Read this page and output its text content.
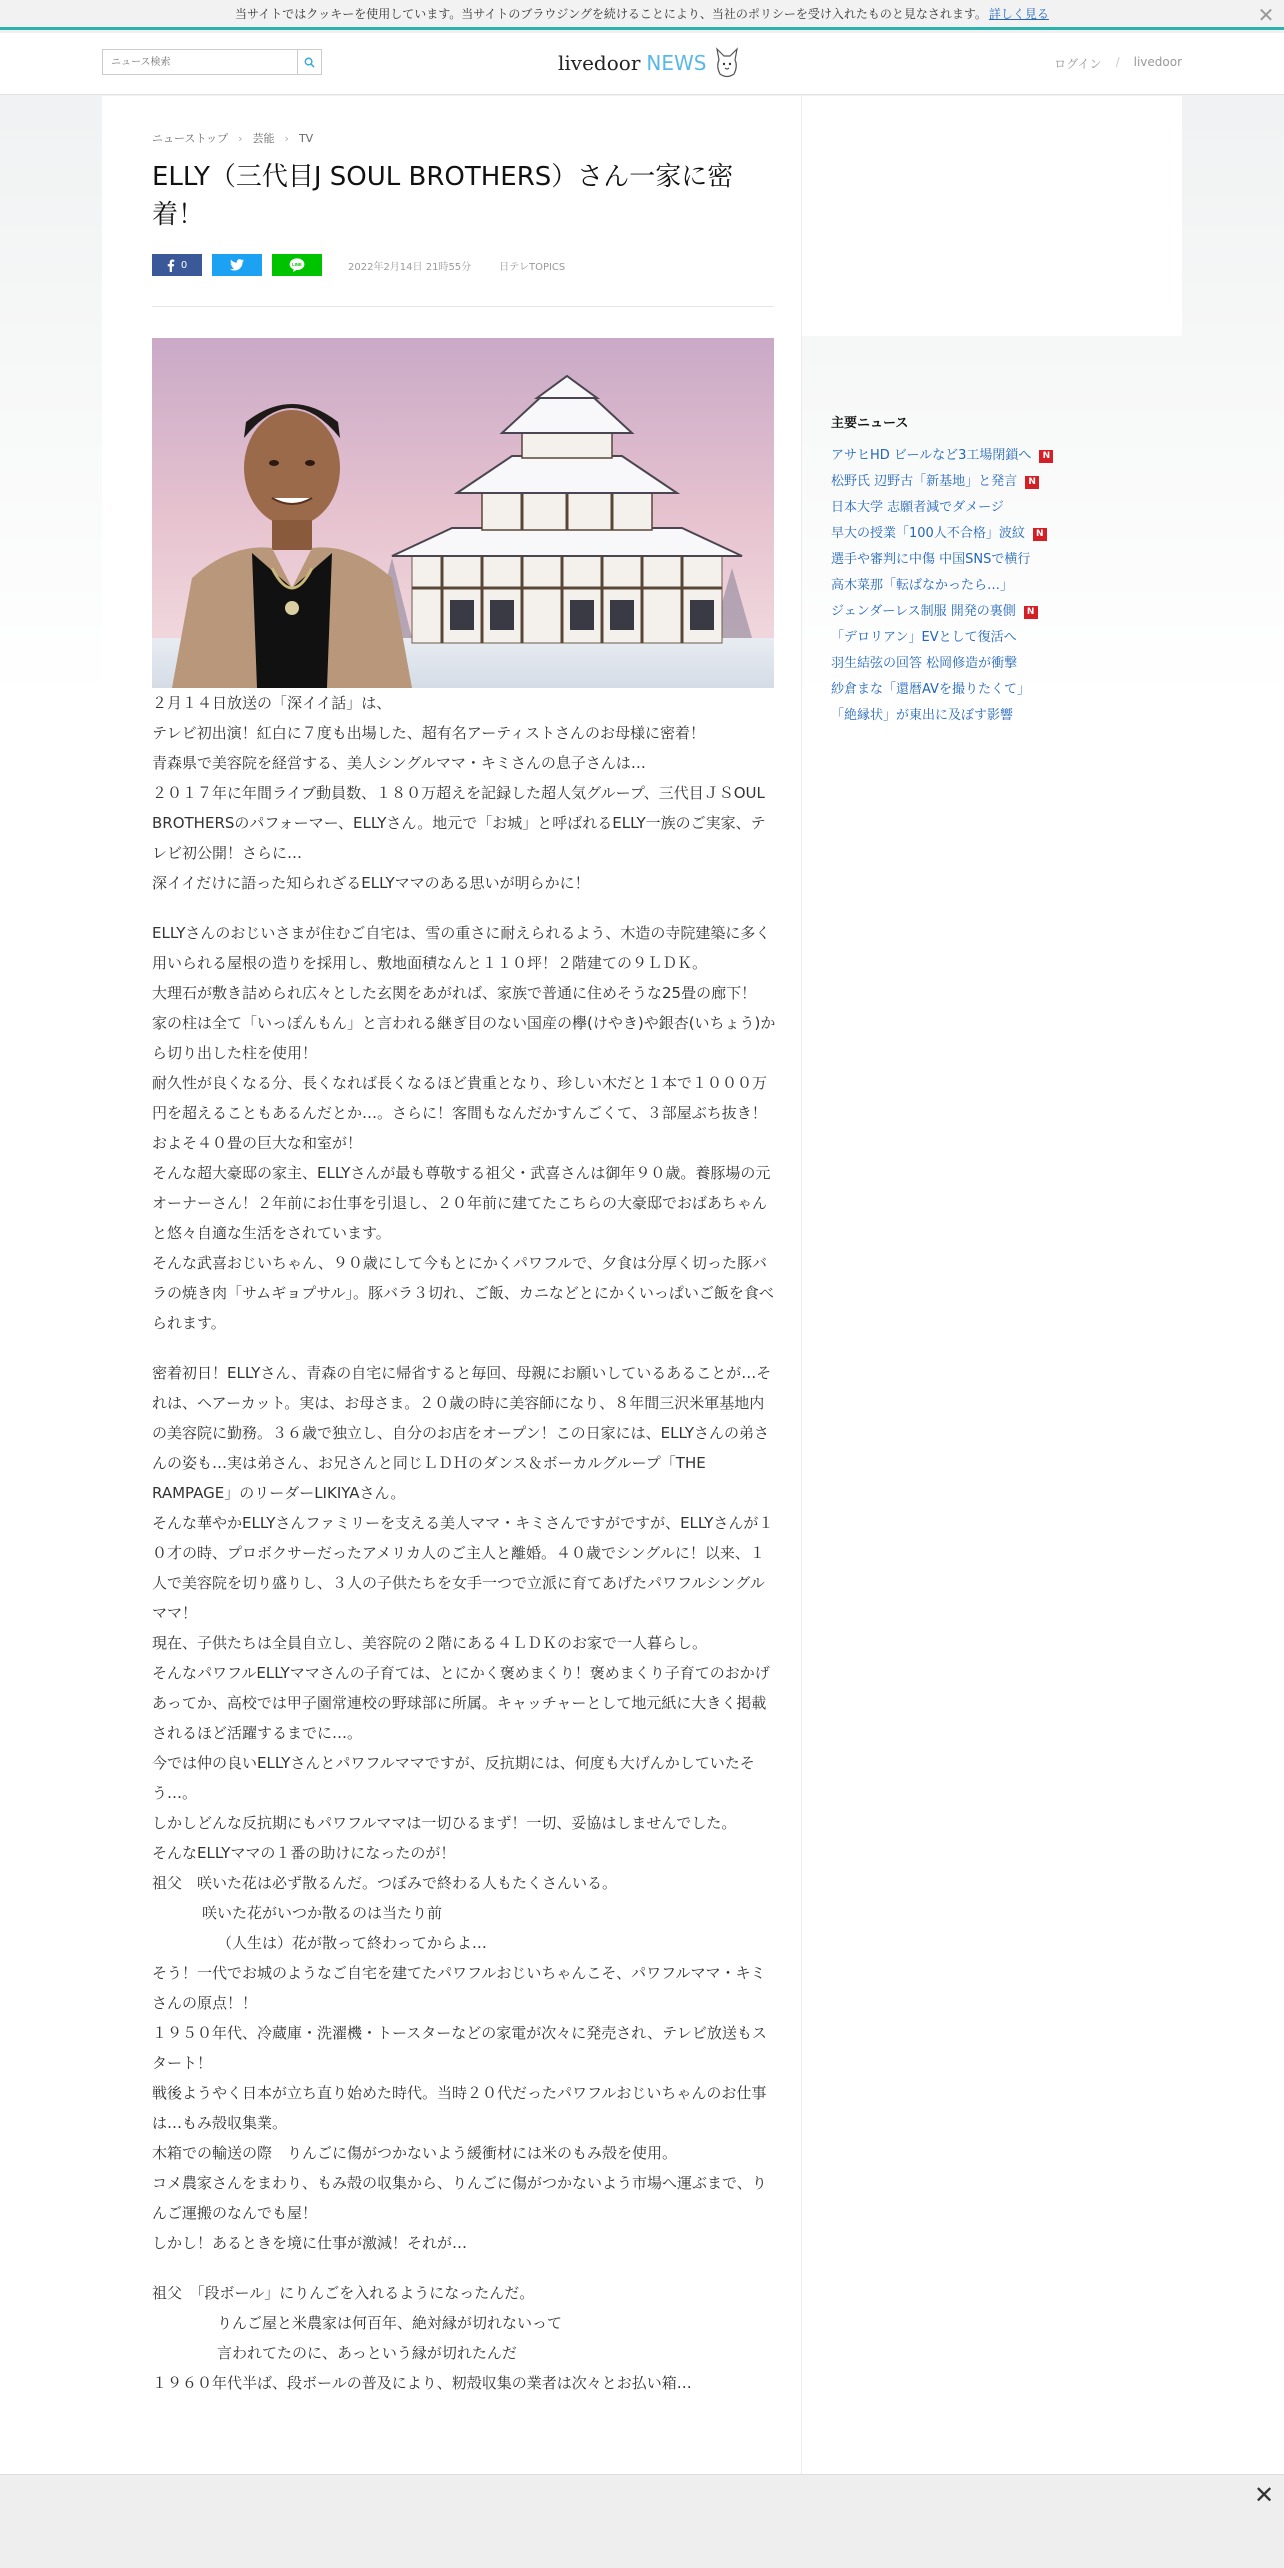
当サイトではクッキーを使用しています。当サイトのブラウジングを続けることにより、当社のポリシーを受け入れたものと見なされます。 詳しく見る	✕
ニュース検索
livedoor NEWS	ログイン / livedoor
ニューストップ › 芸能 › TV
ELLY（三代目J SOUL BROTHERS）さん一家に密着！
0	LINE	2022年2月14日 21時55分	日テレTOPICS

２月１４日放送の「深イイ話」は、

テレビ初出演！紅白に７度も出場した、超有名アーティストさんのお母様に密着！

青森県で美容院を経営する、美人シングルママ・キミさんの息子さんは…

２０１７年に年間ライブ動員数、１８０万超えを記録した超人気グループ、三代目ＪＳOUL BROTHERSのパフォーマー、ELLYさん。地元で「お城」と呼ばれるELLY一族のご実家、テレビ初公開！さらに…

深イイだけに語った知られざるELLYママのある思いが明らかに！

ELLYさんのおじいさまが住むご自宅は、雪の重さに耐えられるよう、木造の寺院建築に多く用いられる屋根の造りを採用し、敷地面積なんと１１０坪！２階建ての９ＬＤＫ。

大理石が敷き詰められ広々とした玄関をあがれば、家族で普通に住めそうな25畳の廊下！

家の柱は全て「いっぽんもん」と言われる継ぎ目のない国産の欅(けやき)や銀杏(いちょう)から切り出した柱を使用！

耐久性が良くなる分、長くなれば長くなるほど貴重となり、珍しい木だと１本で１０００万円を超えることもあるんだとか…。さらに！客間もなんだかすんごくて、３部屋ぶち抜き！およそ４０畳の巨大な和室が！

そんな超大豪邸の家主、ELLYさんが最も尊敬する祖父・武喜さんは御年９０歳。養豚場の元オーナーさん！２年前にお仕事を引退し、２０年前に建てたこちらの大豪邸でおばあちゃんと悠々自適な生活をされています。

そんな武喜おじいちゃん、９０歳にして今もとにかくパワフルで、夕食は分厚く切った豚バラの焼き肉「サムギョプサル」。豚バラ３切れ、ご飯、カニなどとにかくいっぱいご飯を食べられます。

密着初日！ELLYさん、青森の自宅に帰省すると毎回、母親にお願いしているあることが…それは、ヘアーカット。実は、お母さま。２０歳の時に美容師になり、８年間三沢米軍基地内の美容院に勤務。３６歳で独立し、自分のお店をオープン！この日家には、ELLYさんの弟さんの姿も…実は弟さん、お兄さんと同じＬＤＨのダンス＆ボーカルグループ「THE RAMPAGE」のリーダーLIKIYAさん。

そんな華やかELLYさんファミリーを支える美人ママ・キミさんですがですが、ELLYさんが１０才の時、プロボクサーだったアメリカ人のご主人と離婚。４０歳でシングルに！以来、１人で美容院を切り盛りし、３人の子供たちを女手一つで立派に育てあげたパワフルシングルママ！

現在、子供たちは全員自立し、美容院の２階にある４ＬＤＫのお家で一人暮らし。

そんなパワフルELLYママさんの子育ては、とにかく褒めまくり！褒めまくり子育てのおかげあってか、高校では甲子園常連校の野球部に所属。キャッチャーとして地元紙に大きく掲載されるほど活躍するまでに…。

今では仲の良いELLYさんとパワフルママですが、反抗期には、何度も大げんかしていたそう…。

しかしどんな反抗期にもパワフルママは一切ひるまず！一切、妥協はしませんでした。

そんなELLYママの１番の助けになったのが！

祖父　咲いた花は必ず散るんだ。つぼみで終わる人もたくさんいる。

咲いた花がいつか散るのは当たり前

（人生は）花が散って終わってからよ…

そう！一代でお城のようなご自宅を建てたパワフルおじいちゃんこそ、パワフルママ・キミさんの原点！！

１９５０年代、冷蔵庫・洗濯機・トースターなどの家電が次々に発売され、テレビ放送もスタート！

戦後ようやく日本が立ち直り始めた時代。当時２０代だったパワフルおじいちゃんのお仕事は…もみ殻収集業。

木箱での輸送の際　りんごに傷がつかないよう緩衝材には米のもみ殻を使用。

コメ農家さんをまわり、もみ殻の収集から、りんごに傷がつかないよう市場へ運ぶまで、りんご運搬のなんでも屋！

しかし！あるときを境に仕事が激減！それが…

祖父　「段ボール」にりんごを入れるようになったんだ。

りんご屋と米農家は何百年、絶対縁が切れないって

言われてたのに、あっという縁が切れたんだ

１９６０年代半ば、段ボールの普及により、籾殻収集の業者は次々とお払い箱…

主要ニュース
アサヒHD ビールなど3工場閉鎖へ	N
松野氏 辺野古「新基地」と発言	N
日本大学 志願者減でダメージ
早大の授業「100人不合格」波紋	N
選手や審判に中傷 中国SNSで横行
高木菜那「転ばなかったら…」
ジェンダーレス制服 開発の裏側	N
「デロリアン」EVとして復活へ
羽生結弦の回答 松岡修造が衝撃
紗倉まな「還暦AVを撮りたくて」
「絶縁状」が東出に及ぼす影響
✕
